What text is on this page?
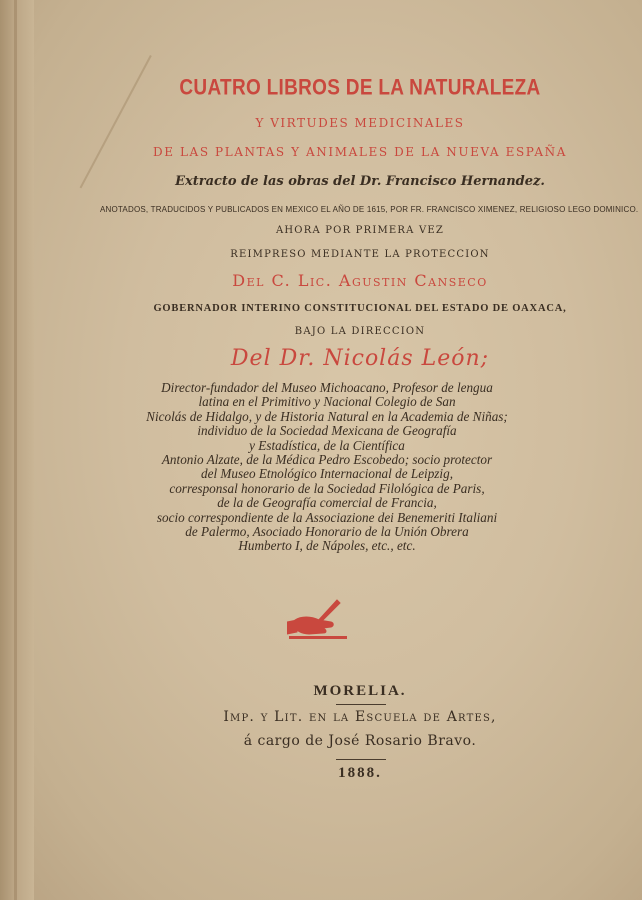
CUATRO LIBROS DE LA NATURALEZA
Y VIRTUDES MEDICINALES
DE LAS PLANTAS Y ANIMALES DE LA NUEVA ESPAÑA
Extracto de las obras del Dr. Francisco Hernandez.
ANOTADOS, TRADUCIDOS Y PUBLICADOS EN MEXICO EL AÑO DE 1615, POR FR. FRANCISCO XIMENEZ, RELIGIOSO LEGO DOMINICO.
AHORA POR PRIMERA VEZ
REIMPRESO MEDIANTE LA PROTECCION
Del C. Lic. Agustin Canseco
GOBERNADOR INTERINO CONSTITUCIONAL DEL ESTADO DE OAXACA,
BAJO LA DIRECCION
Del Dr. Nicolás León;
Director-fundador del Museo Michoacano, Profesor de lengua
latina en el Primitivo y Nacional Colegio de San
Nicolás de Hidalgo, y de Historia Natural en la Academia de Niñas;
individuo de la Sociedad Mexicana de Geografía
y Estadística, de la Científica
Antonio Alzate, de la Médica Pedro Escobedo; socio protector
del Museo Etnológico Internacional de Leipzig,
corresponsal honorario de la Sociedad Filológica de Paris,
de la de Geografía comercial de Francia,
socio correspondiente de la Associazione dei Benemeriti Italiani
de Palermo, Asociado Honorario de la Unión Obrera
Humberto I, de Nápoles, etc., etc.
MORELIA.
Imp. y Lit. en la Escuela de Artes,
á cargo de José Rosario Bravo.
1888.
